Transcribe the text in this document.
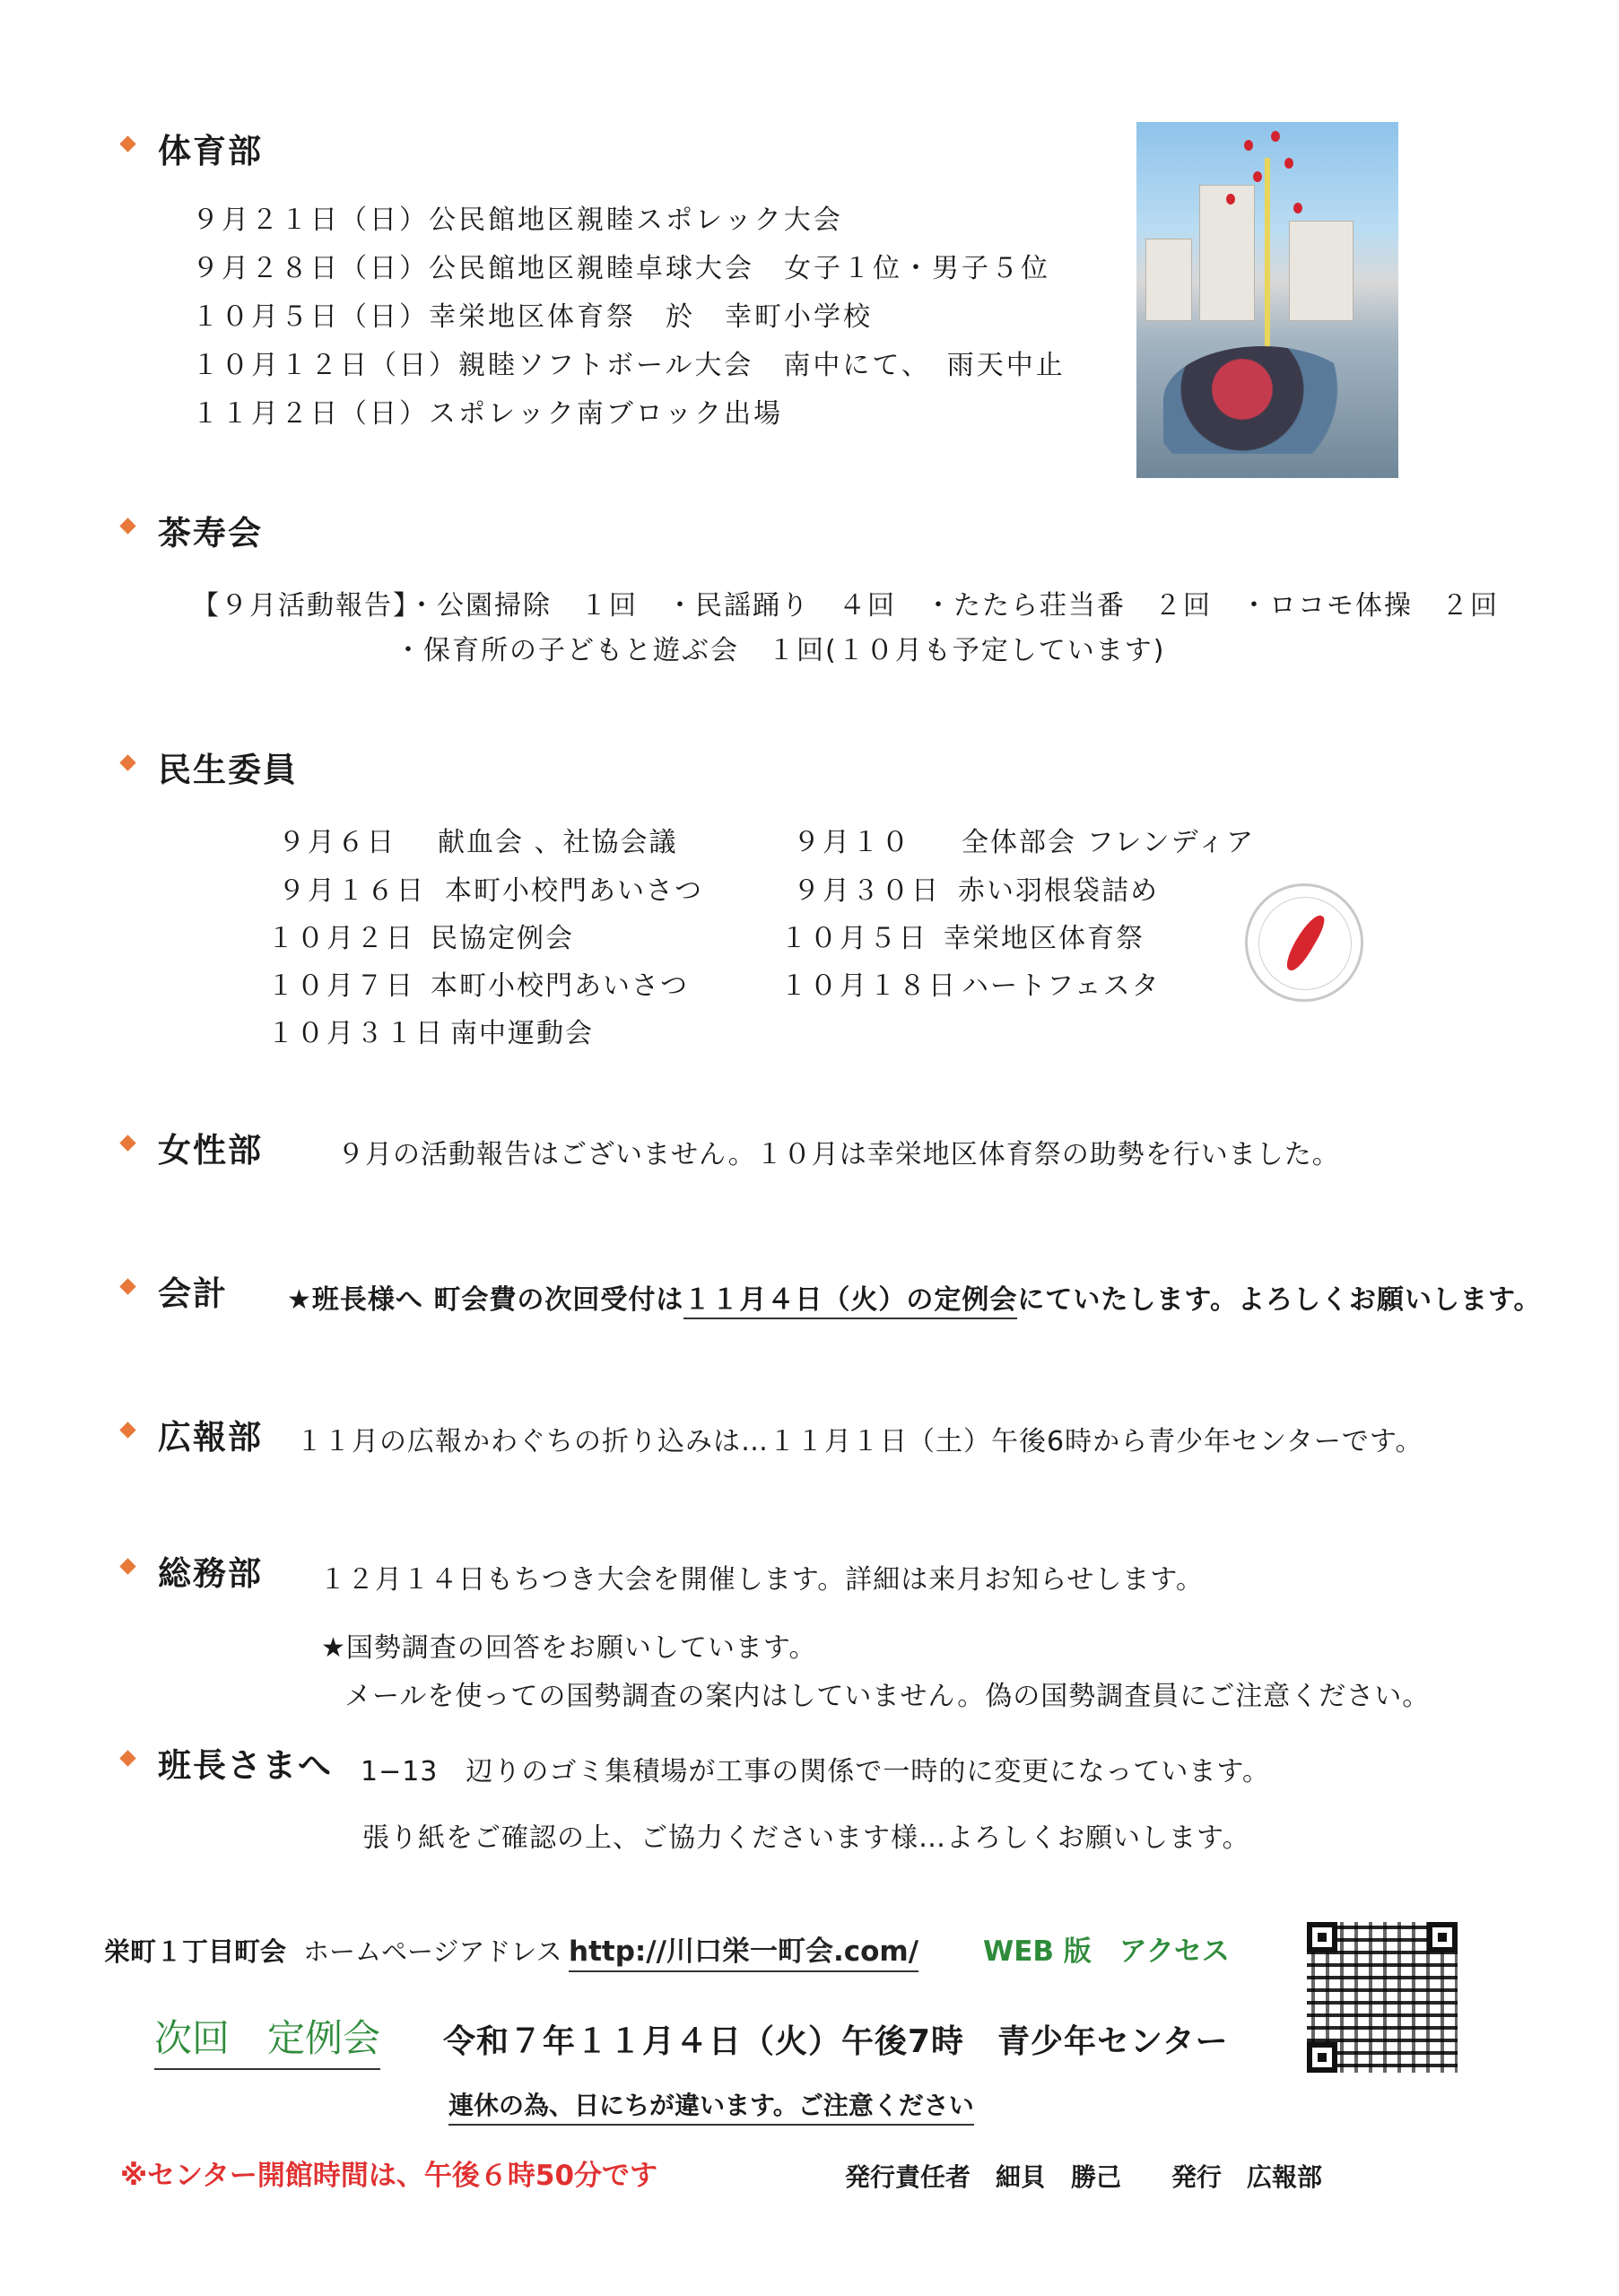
体育部
９月２１日（日）公民館地区親睦スポレック大会
９月２８日（日）公民館地区親睦卓球大会　女子１位・男子５位
１０月５日（日）幸栄地区体育祭　於　幸町小学校
１０月１２日（日）親睦ソフトボール大会　南中にて、　雨天中止
１１月２日（日）スポレック南ブロック出場
茶寿会
【９月活動報告】・公園掃除　１回　・民謡踊り　４回　・たたら荘当番　２回　・ロコモ体操　２回
・保育所の子どもと遊ぶ会　１回(１０月も予定しています)
民生委員
９月６日 献血会 、社協会議
９月１６日 本町小校門あいさつ
１０月２日 民協定例会
１０月７日 本町小校門あいさつ
１０月３１日 南中運動会
９月１０ 全体部会 フレンディア
９月３０日 赤い羽根袋詰め
１０月５日 幸栄地区体育祭
１０月１８日 ハートフェスタ
女性部	９月の活動報告はございません。１０月は幸栄地区体育祭の助勢を行いました。
会計 ★班長様へ 町会費の次回受付は１１月４日（火）の定例会にていたします。よろしくお願いします。
広報部 １１月の広報かわぐちの折り込みは…１１月１日（土）午後6時から青少年センターです。
総務部 １２月１４日もちつき大会を開催します。詳細は来月お知らせします。
★国勢調査の回答をお願いしています。
メールを使っての国勢調査の案内はしていません。偽の国勢調査員にご注意ください。
班長さまへ 1−13　辺りのゴミ集積場が工事の関係で一時的に変更になっています。
張り紙をご確認の上、ご協力くださいます様…よろしくお願いします。
栄町１丁目町会 ホームページアドレス http://川口栄一町会.com/ WEB 版　アクセス
次回　定例会 令和７年１１月４日（火）午後7時　青少年センター
連休の為、日にちが違います。ご注意ください
※センター開館時間は、午後６時50分です	発行責任者　細貝　勝己　　発行　広報部
